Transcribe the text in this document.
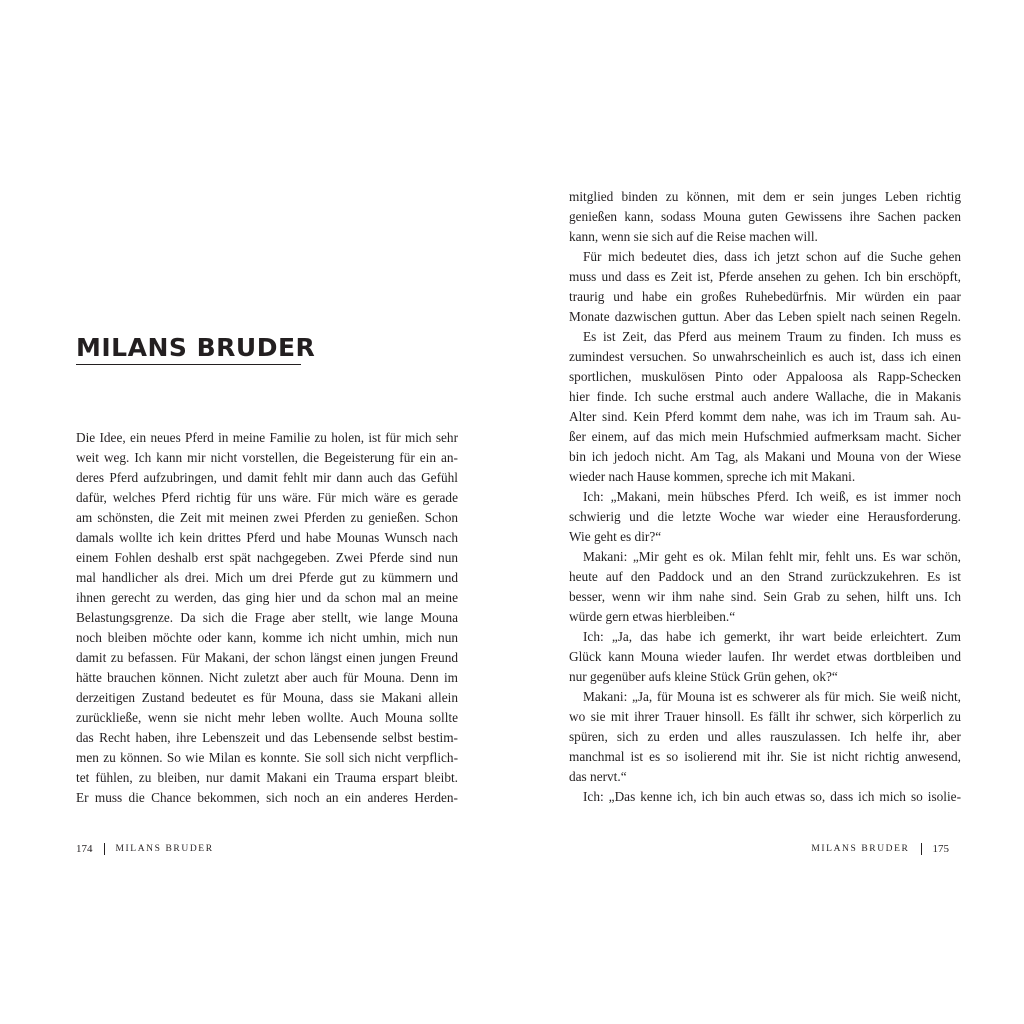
MILANS BRUDER
Die Idee, ein neues Pferd in meine Familie zu holen, ist für mich sehr
weit weg. Ich kann mir nicht vorstellen, die Begeisterung für ein an-
deres Pferd aufzubringen, und damit fehlt mir dann auch das Gefühl
dafür, welches Pferd richtig für uns wäre. Für mich wäre es gerade
am schönsten, die Zeit mit meinen zwei Pferden zu genießen. Schon
damals wollte ich kein drittes Pferd und habe Mounas Wunsch nach
einem Fohlen deshalb erst spät nachgegeben. Zwei Pferde sind nun
mal handlicher als drei. Mich um drei Pferde gut zu kümmern und
ihnen gerecht zu werden, das ging hier und da schon mal an meine
Belastungsgrenze. Da sich die Frage aber stellt, wie lange Mouna
noch bleiben möchte oder kann, komme ich nicht umhin, mich nun
damit zu befassen. Für Makani, der schon längst einen jungen Freund
hätte brauchen können. Nicht zuletzt aber auch für Mouna. Denn im
derzeitigen Zustand bedeutet es für Mouna, dass sie Makani allein
zurückließe, wenn sie nicht mehr leben wollte. Auch Mouna sollte
das Recht haben, ihre Lebenszeit und das Lebensende selbst bestim-
men zu können. So wie Milan es konnte. Sie soll sich nicht verpflich-
tet fühlen, zu bleiben, nur damit Makani ein Trauma erspart bleibt.
Er muss die Chance bekommen, sich noch an ein anderes Herden-
174 MILANS BRUDER
mitglied binden zu können, mit dem er sein junges Leben richtig
genießen kann, sodass Mouna guten Gewissens ihre Sachen packen
kann, wenn sie sich auf die Reise machen will.
Für mich bedeutet dies, dass ich jetzt schon auf die Suche gehen
muss und dass es Zeit ist, Pferde ansehen zu gehen. Ich bin erschöpft,
traurig und habe ein großes Ruhebedürfnis. Mir würden ein paar
Monate dazwischen guttun. Aber das Leben spielt nach seinen Regeln.
Es ist Zeit, das Pferd aus meinem Traum zu finden. Ich muss es
zumindest versuchen. So unwahrscheinlich es auch ist, dass ich einen
sportlichen, muskulösen Pinto oder Appaloosa als Rapp-Schecken
hier finde. Ich suche erstmal auch andere Wallache, die in Makanis
Alter sind. Kein Pferd kommt dem nahe, was ich im Traum sah. Au-
ßer einem, auf das mich mein Hufschmied aufmerksam macht. Sicher
bin ich jedoch nicht. Am Tag, als Makani und Mouna von der Wiese
wieder nach Hause kommen, spreche ich mit Makani.
Ich: „Makani, mein hübsches Pferd. Ich weiß, es ist immer noch
schwierig und die letzte Woche war wieder eine Herausforderung.
Wie geht es dir?“
Makani: „Mir geht es ok. Milan fehlt mir, fehlt uns. Es war schön,
heute auf den Paddock und an den Strand zurückzukehren. Es ist
besser, wenn wir ihm nahe sind. Sein Grab zu sehen, hilft uns. Ich
würde gern etwas hierbleiben.“
Ich: „Ja, das habe ich gemerkt, ihr wart beide erleichtert. Zum
Glück kann Mouna wieder laufen. Ihr werdet etwas dortbleiben und
nur gegenüber aufs kleine Stück Grün gehen, ok?“
Makani: „Ja, für Mouna ist es schwerer als für mich. Sie weiß nicht,
wo sie mit ihrer Trauer hinsoll. Es fällt ihr schwer, sich körperlich zu
spüren, sich zu erden und alles rauszulassen. Ich helfe ihr, aber
manchmal ist es so isolierend mit ihr. Sie ist nicht richtig anwesend,
das nervt.“
Ich: „Das kenne ich, ich bin auch etwas so, dass ich mich so isolie-
MILANS BRUDER 175
